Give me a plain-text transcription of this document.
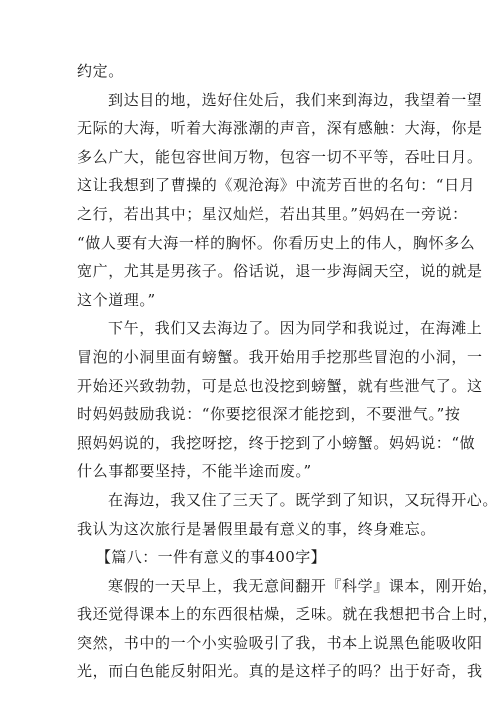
约定。
到达目的地，选好住处后，我们来到海边，我望着一望
无际的大海，听着大海涨潮的声音，深有感触：大海，你是
多么广大，能包容世间万物，包容一切不平等，吞吐日月。
这让我想到了曹操的《观沧海》中流芳百世的名句：“日月
之行，若出其中；星汉灿烂，若出其里。”妈妈在一旁说：
“做人要有大海一样的胸怀。你看历史上的伟人，胸怀多么
宽广，尤其是男孩子。俗话说，退一步海阔天空，说的就是
这个道理。”
下午，我们又去海边了。因为同学和我说过，在海滩上
冒泡的小洞里面有螃蟹。我开始用手挖那些冒泡的小洞，一
开始还兴致勃勃，可是总也没挖到螃蟹，就有些泄气了。这
时妈妈鼓励我说：“你要挖很深才能挖到，不要泄气。”按
照妈妈说的，我挖呀挖，终于挖到了小螃蟹。妈妈说：“做
什么事都要坚持，不能半途而废。”
在海边，我又住了三天了。既学到了知识，又玩得开心。
我认为这次旅行是暑假里最有意义的事，终身难忘。
【篇八：一件有意义的事400字】
寒假的一天早上，我无意间翻开『科学』课本，刚开始，
我还觉得课本上的东西很枯燥，乏味。就在我想把书合上时，
突然，书中的一个小实验吸引了我，书本上说黑色能吸收阳
光，而白色能反射阳光。真的是这样子的吗？出于好奇，我
